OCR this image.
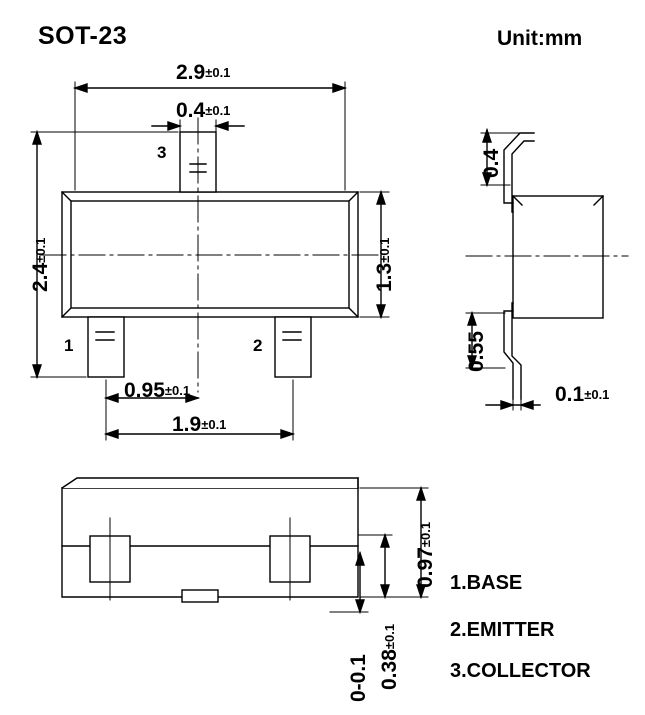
SOT-23	Unit:mm
2.9±0.1
0.4±0.1
2.4±0.1
1.3±0.1
0.95±0.1
1.9±0.1
3
1	2
0.4
0.55
0.1±0.1
0.97±0.1
0.38±0.1
0-0.1
1.BASE
2.EMITTER
3.COLLECTOR
